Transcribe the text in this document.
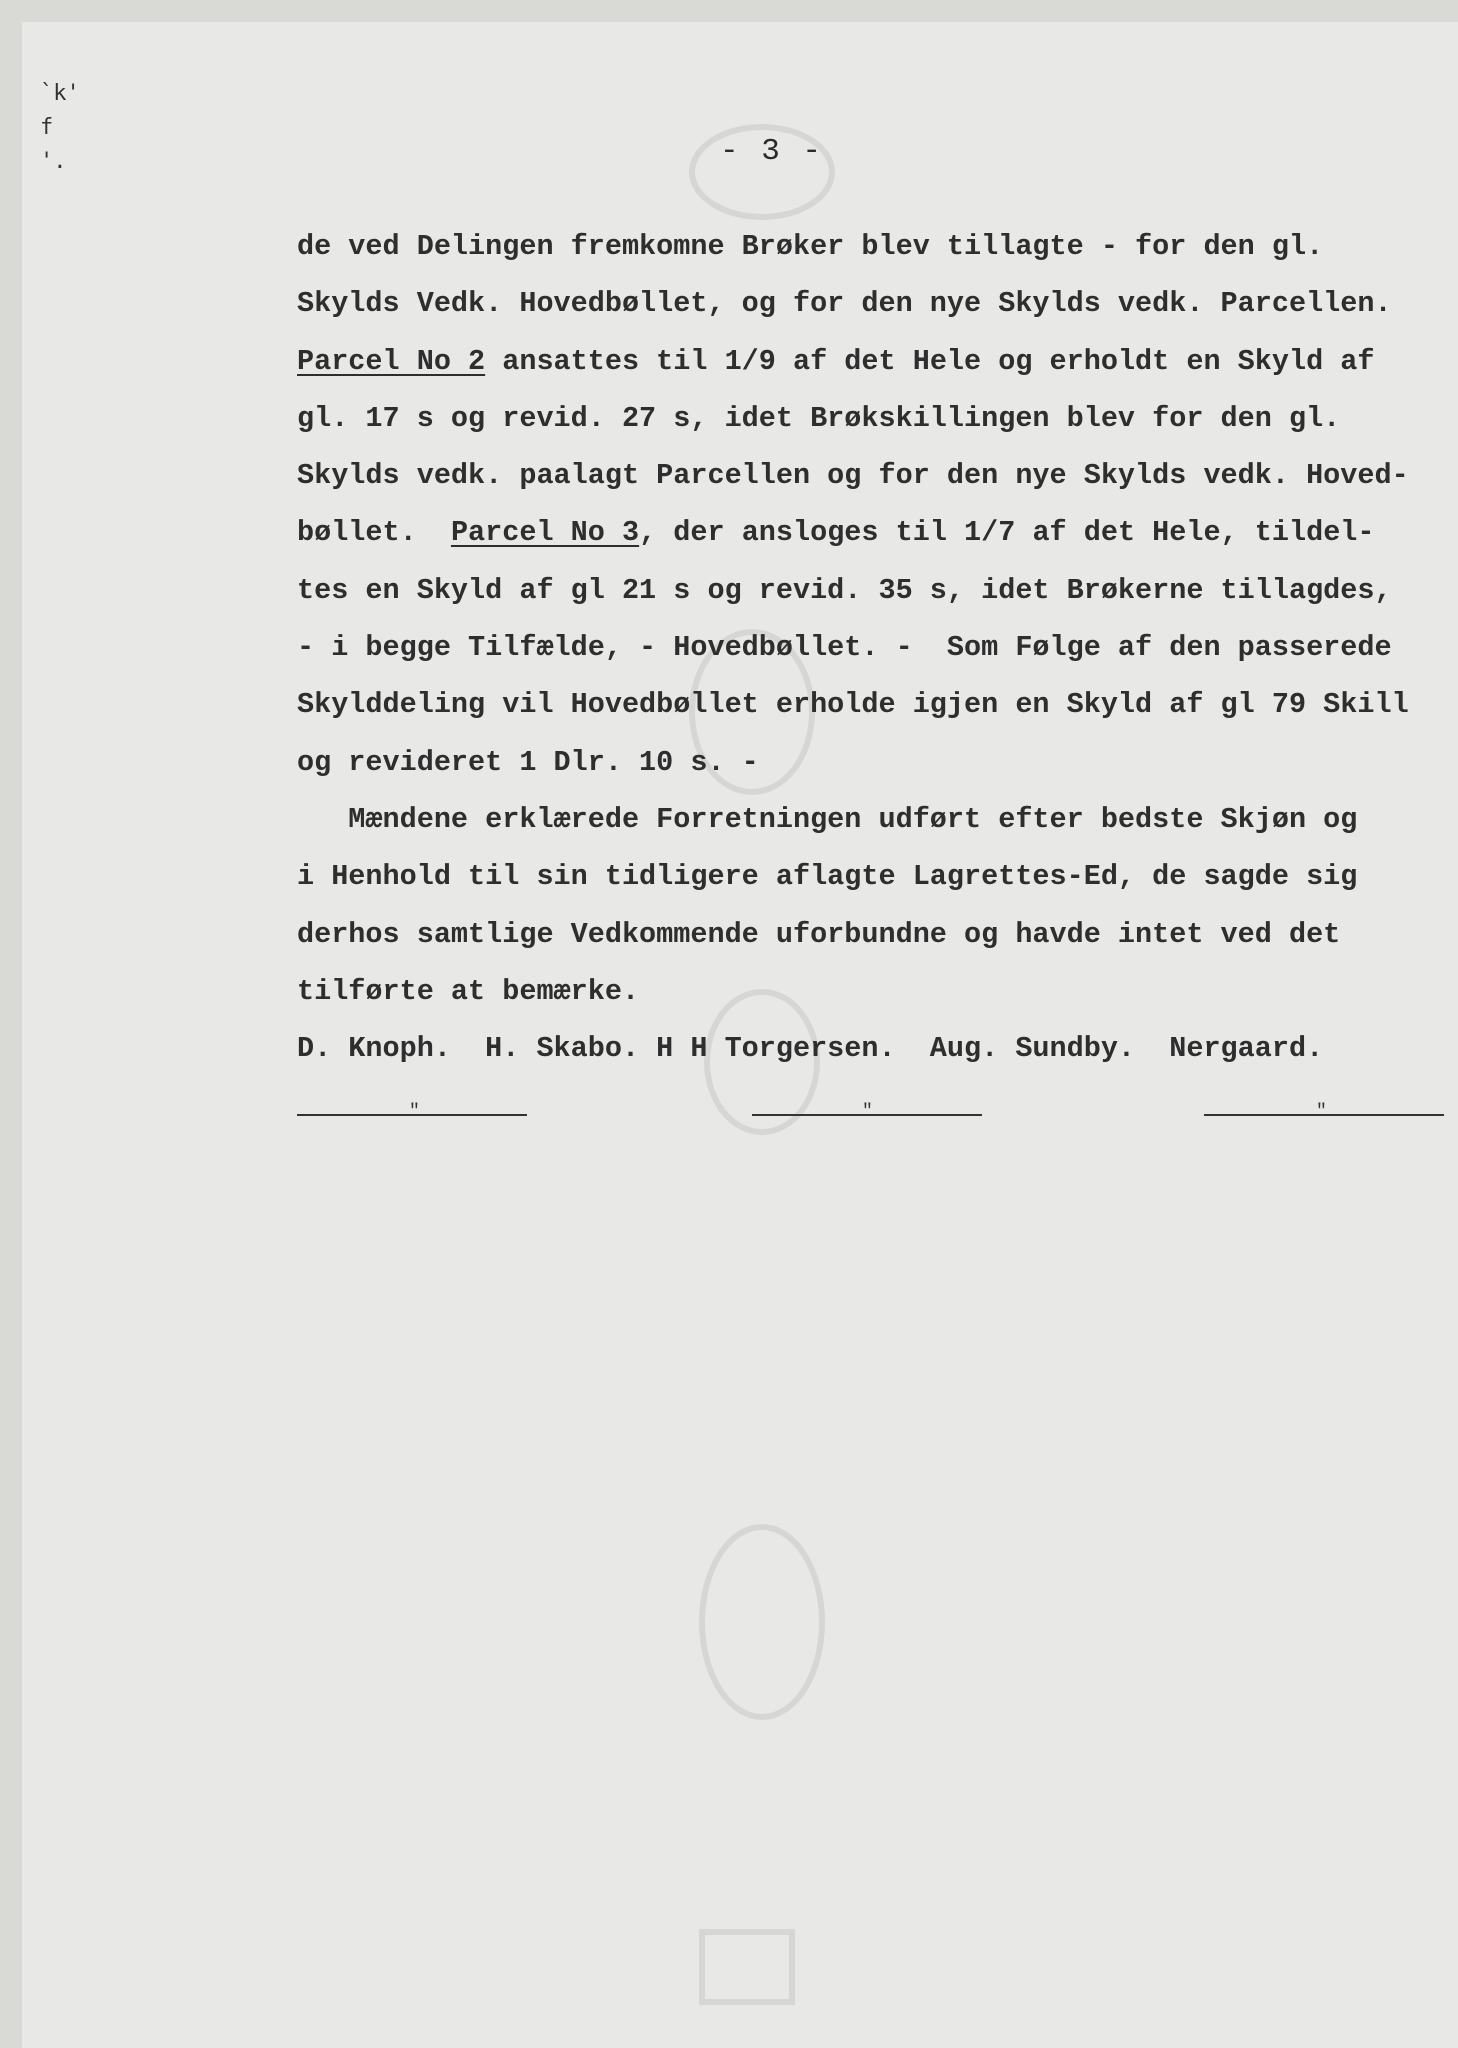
`k'
f
'.	- 3 -
de ved Delingen fremkomne Brøker blev tillagte - for den gl.
Skylds Vedk. Hovedbøllet, og for den nye Skylds vedk. Parcellen.
Parcel No 2 ansattes til 1/9 af det Hele og erholdt en Skyld af
gl. 17 s og revid. 27 s, idet Brøkskillingen blev for den gl.
Skylds vedk. paalagt Parcellen og for den nye Skylds vedk. Hoved-
bøllet.  Parcel No 3, der ansloges til 1/7 af det Hele, tildel-
tes en Skyld af gl 21 s og revid. 35 s, idet Brøkerne tillagdes,
- i begge Tilfælde, - Hovedbøllet. -  Som Følge af den passerede
Skylddeling vil Hovedbøllet erholde igjen en Skyld af gl 79 Skill
og revideret 1 Dlr. 10 s. -
Mændene erklærede Forretningen udført efter bedste Skjøn og
i Henhold til sin tidligere aflagte Lagrettes-Ed, de sagde sig
derhos samtlige Vedkommende uforbundne og havde intet ved det
tilførte at bemærke.
D. Knoph.  H. Skabo. H H Torgersen.  Aug. Sundby.  Nergaard.
"	"	"
